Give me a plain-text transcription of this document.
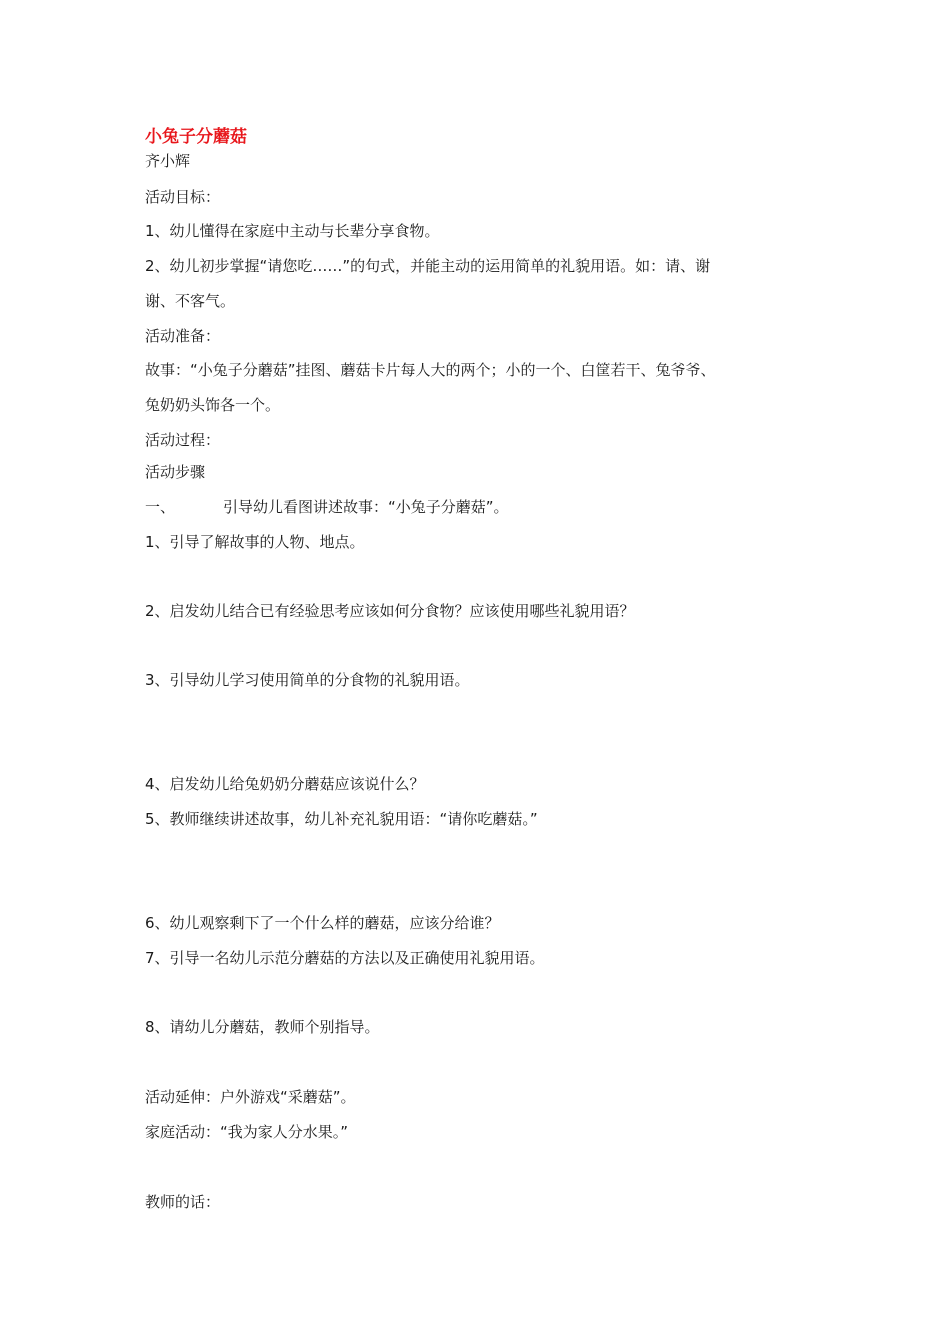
小兔子分蘑菇
齐小辉
活动目标：
1、幼儿懂得在家庭中主动与长辈分享食物。
2、幼儿初步掌握“请您吃……”的句式，并能主动的运用简单的礼貌用语。如：请、谢
谢、不客气。
活动准备：
故事：“小兔子分蘑菇”挂图、蘑菇卡片每人大的两个；小的一个、白筐若干、兔爷爷、
兔奶奶头饰各一个。
活动过程：
活动步骤
一、	引导幼儿看图讲述故事：“小兔子分蘑菇”。
1、引导了解故事的人物、地点。
2、启发幼儿结合已有经验思考应该如何分食物？应该使用哪些礼貌用语？
3、引导幼儿学习使用简单的分食物的礼貌用语。
4、启发幼儿给兔奶奶分蘑菇应该说什么？
5、教师继续讲述故事，幼儿补充礼貌用语：“请你吃蘑菇。”
6、幼儿观察剩下了一个什么样的蘑菇，应该分给谁？
7、引导一名幼儿示范分蘑菇的方法以及正确使用礼貌用语。
8、请幼儿分蘑菇，教师个别指导。
活动延伸：户外游戏“采蘑菇”。
家庭活动：“我为家人分水果。”
教师的话：
